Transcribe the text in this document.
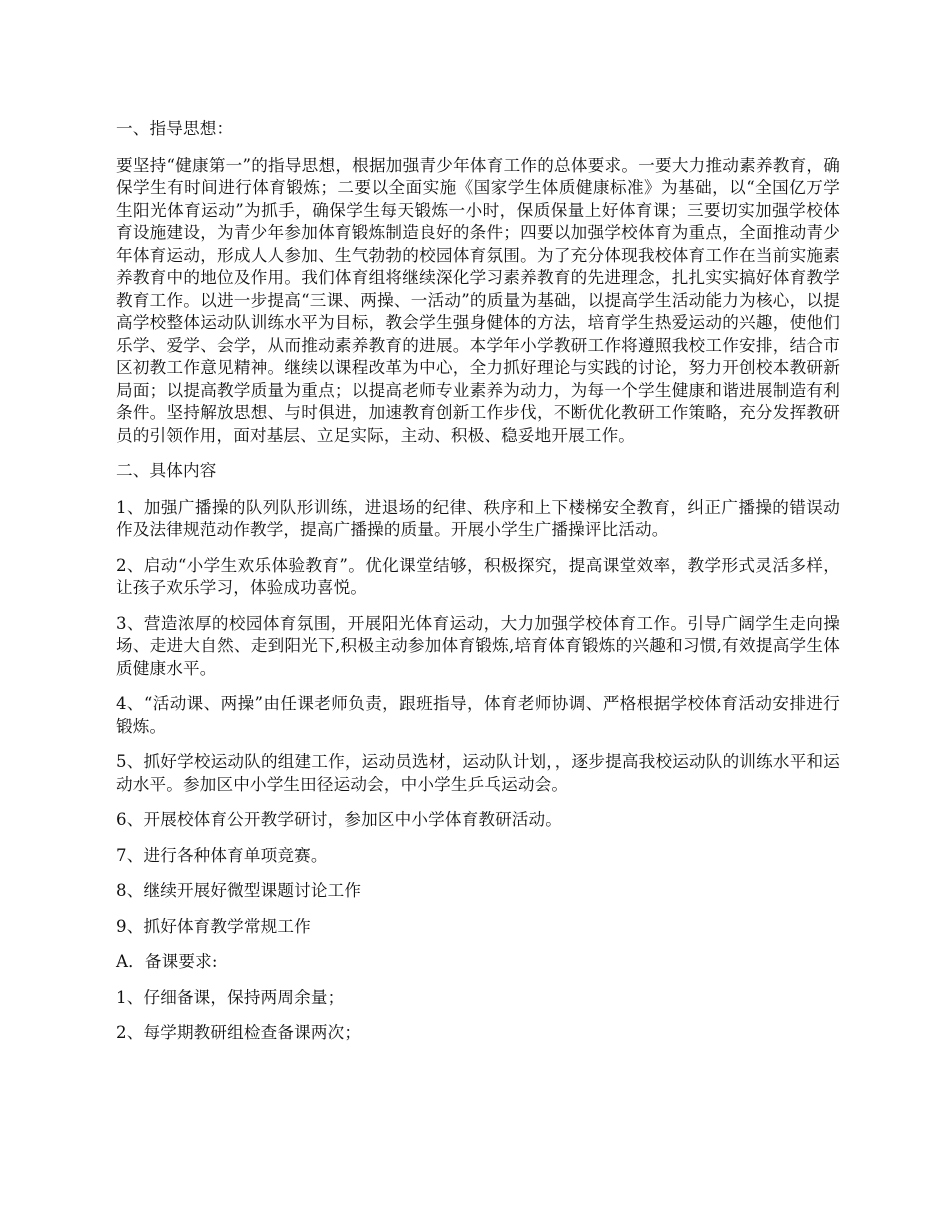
一、指导思想：

要坚持“健康第一”的指导思想，根据加强青少年体育工作的总体要求。一要大力推动素养教育，确保学生有时间进行体育锻炼；二要以全面实施《国家学生体质健康标准》为基础，以“全国亿万学生阳光体育运动”为抓手，确保学生每天锻炼一小时，保质保量上好体育课；三要切实加强学校体育设施建设，为青少年参加体育锻炼制造良好的条件；四要以加强学校体育为重点，全面推动青少年体育运动，形成人人参加、生气勃勃的校园体育氛围。为了充分体现我校体育工作在当前实施素养教育中的地位及作用。我们体育组将继续深化学习素养教育的先进理念，扎扎实实搞好体育教学教育工作。以进一步提高“三课、两操、一活动”的质量为基础，以提高学生活动能力为核心，以提高学校整体运动队训练水平为目标，教会学生强身健体的方法，培育学生热爱运动的兴趣，使他们乐学、爱学、会学，从而推动素养教育的进展。本学年小学教研工作将遵照我校工作安排，结合市区初教工作意见精神。继续以课程改革为中心，全力抓好理论与实践的讨论，努力开创校本教研新局面；以提高教学质量为重点；以提高老师专业素养为动力，为每一个学生健康和谐进展制造有利条件。坚持解放思想、与时俱进，加速教育创新工作步伐，不断优化教研工作策略，充分发挥教研员的引领作用，面对基层、立足实际，主动、积极、稳妥地开展工作。

二、具体内容

1、加强广播操的队列队形训练，进退场的纪律、秩序和上下楼梯安全教育，纠正广播操的错误动作及法律规范动作教学，提高广播操的质量。开展小学生广播操评比活动。

2、启动“小学生欢乐体验教育”。优化课堂结够，积极探究，提高课堂效率，教学形式灵活多样，让孩子欢乐学习，体验成功喜悦。

3、营造浓厚的校园体育氛围，开展阳光体育运动，大力加强学校体育工作。引导广阔学生走向操场、走进大自然、走到阳光下,积极主动参加体育锻炼,培育体育锻炼的兴趣和习惯,有效提高学生体质健康水平。

4、“活动课、两操”由任课老师负责，跟班指导，体育老师协调、严格根据学校体育活动安排进行锻炼。

5、抓好学校运动队的组建工作，运动员选材，运动队计划，，逐步提高我校运动队的训练水平和运动水平。参加区中小学生田径运动会，中小学生乒乓运动会。

6、开展校体育公开教学研讨，参加区中小学体育教研活动。

7、进行各种体育单项竞赛。

8、继续开展好微型课题讨论工作

9、抓好体育教学常规工作

A．备课要求:

1、仔细备课，保持两周余量；

2、每学期教研组检查备课两次；
